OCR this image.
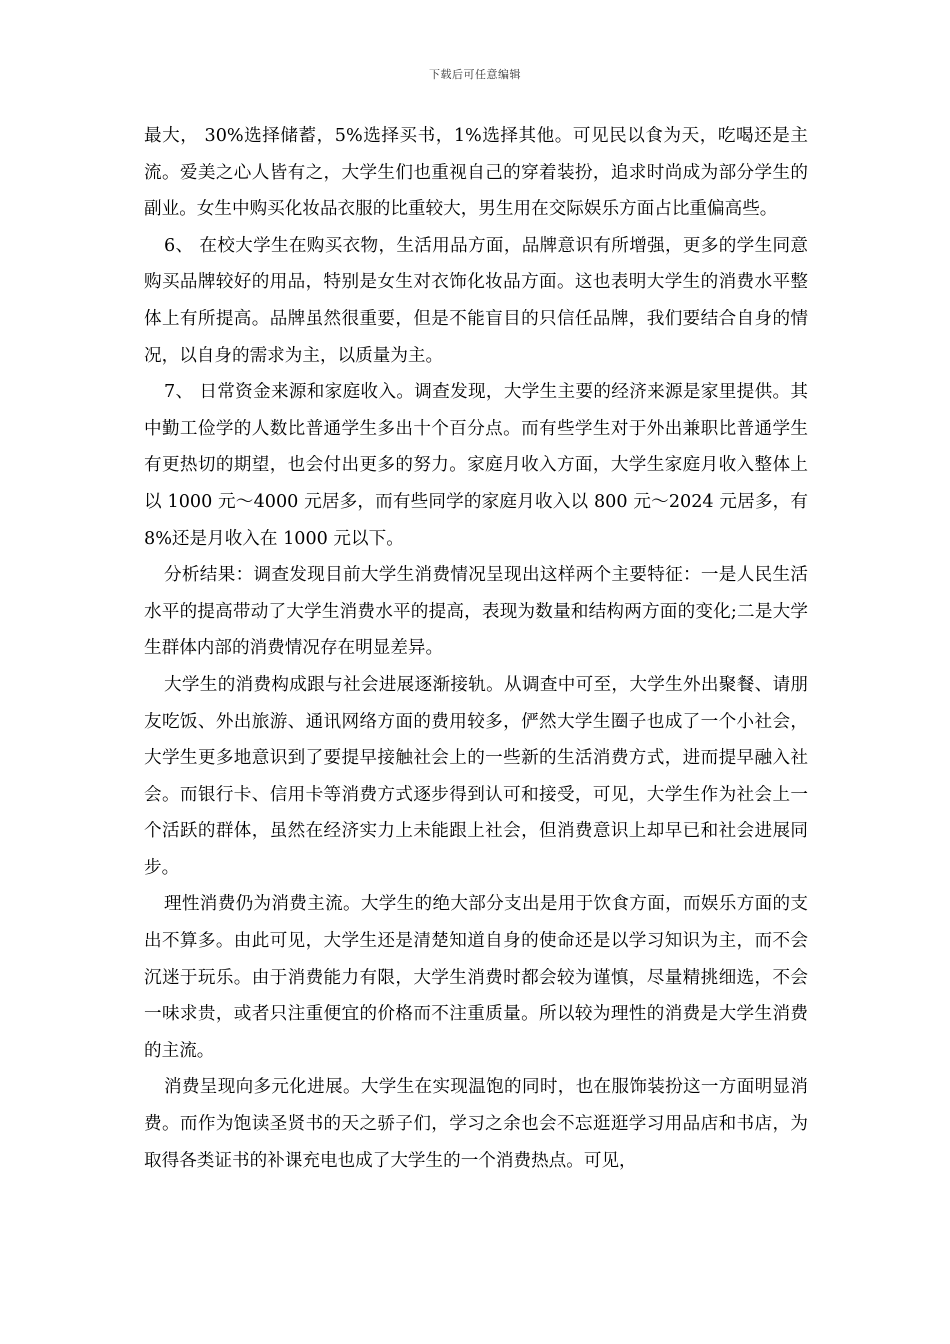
下载后可任意编辑

最大， 30%选择储蓄，5%选择买书，1%选择其他。可见民以食为天，吃喝还是主流。爱美之心人皆有之，大学生们也重视自己的穿着装扮，追求时尚成为部分学生的副业。女生中购买化妆品衣服的比重较大，男生用在交际娱乐方面占比重偏高些。

6、 在校大学生在购买衣物，生活用品方面，品牌意识有所增强，更多的学生同意购买品牌较好的用品，特别是女生对衣饰化妆品方面。这也表明大学生的消费水平整体上有所提高。品牌虽然很重要，但是不能盲目的只信任品牌，我们要结合自身的情况，以自身的需求为主，以质量为主。

7、 日常资金来源和家庭收入。调查发现，大学生主要的经济来源是家里提供。其中勤工俭学的人数比普通学生多出十个百分点。而有些学生对于外出兼职比普通学生有更热切的期望，也会付出更多的努力。家庭月收入方面，大学生家庭月收入整体上以 1000 元～4000 元居多，而有些同学的家庭月收入以 800 元～2024 元居多，有 8%还是月收入在 1000 元以下。

分析结果：调查发现目前大学生消费情况呈现出这样两个主要特征：一是人民生活水平的提高带动了大学生消费水平的提高，表现为数量和结构两方面的变化;二是大学生群体内部的消费情况存在明显差异。

大学生的消费构成跟与社会进展逐渐接轨。从调查中可至，大学生外出聚餐、请朋友吃饭、外出旅游、通讯网络方面的费用较多，俨然大学生圈子也成了一个小社会，大学生更多地意识到了要提早接触社会上的一些新的生活消费方式，进而提早融入社会。而银行卡、信用卡等消费方式逐步得到认可和接受，可见，大学生作为社会上一个活跃的群体，虽然在经济实力上未能跟上社会，但消费意识上却早已和社会进展同步。

理性消费仍为消费主流。大学生的绝大部分支出是用于饮食方面，而娱乐方面的支出不算多。由此可见，大学生还是清楚知道自身的使命还是以学习知识为主，而不会沉迷于玩乐。由于消费能力有限，大学生消费时都会较为谨慎，尽量精挑细选，不会一味求贵，或者只注重便宜的价格而不注重质量。所以较为理性的消费是大学生消费的主流。

消费呈现向多元化进展。大学生在实现温饱的同时，也在服饰装扮这一方面明显消费。而作为饱读圣贤书的天之骄子们，学习之余也会不忘逛逛学习用品店和书店，为取得各类证书的补课充电也成了大学生的一个消费热点。可见，
